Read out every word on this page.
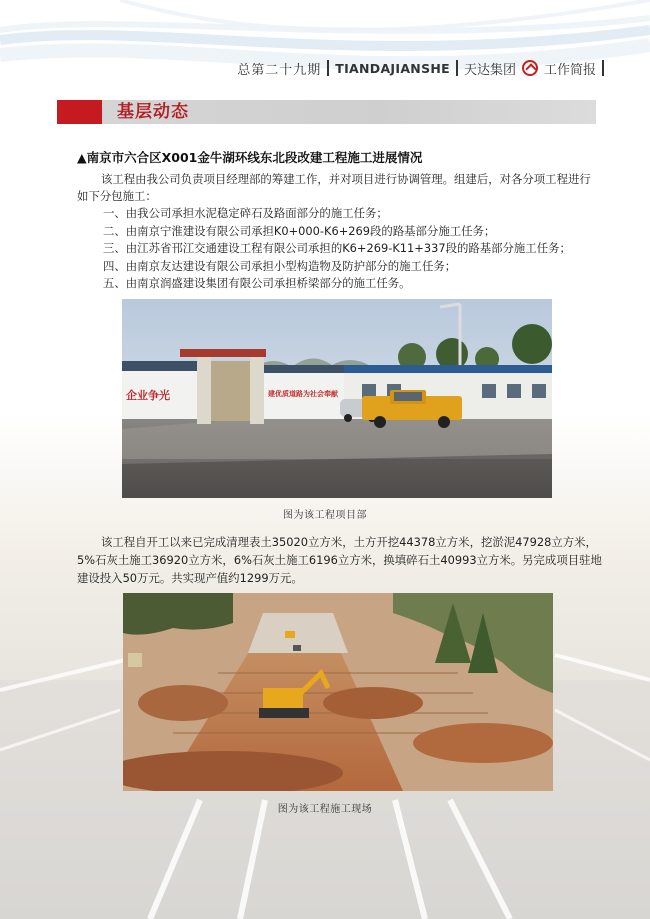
总第二十九期 TIANDAJIANSHE 天达集团 工作简报
基层动态
▲南京市六合区X001金牛湖环线东北段改建工程施工进展情况

该工程由我公司负责项目经理部的筹建工作，并对项目进行协调管理。组建后，对各分项工程进行如下分包施工：

一、由我公司承担水泥稳定碎石及路面部分的施工任务；
二、由南京宁淮建设有限公司承担K0+000-K6+269段的路基部分施工任务；
三、由江苏省邗江交通建设工程有限公司承担的K6+269-K11+337段的路基部分施工任务；
四、由南京友达建设有限公司承担小型构造物及防护部分的施工任务；
五、由南京润盛建设集团有限公司承担桥梁部分的施工任务。
企业争光	建优质道路为社会奉献
图为该工程项目部

该工程自开工以来已完成清理表土35020立方米，土方开挖44378立方米，挖淤泥47928立方米，5%石灰土施工36920立方米，6%石灰土施工6196立方米，换填碎石土40993立方米。另完成项目驻地建设投入50万元。共实现产值约1299万元。

图为该工程施工现场
